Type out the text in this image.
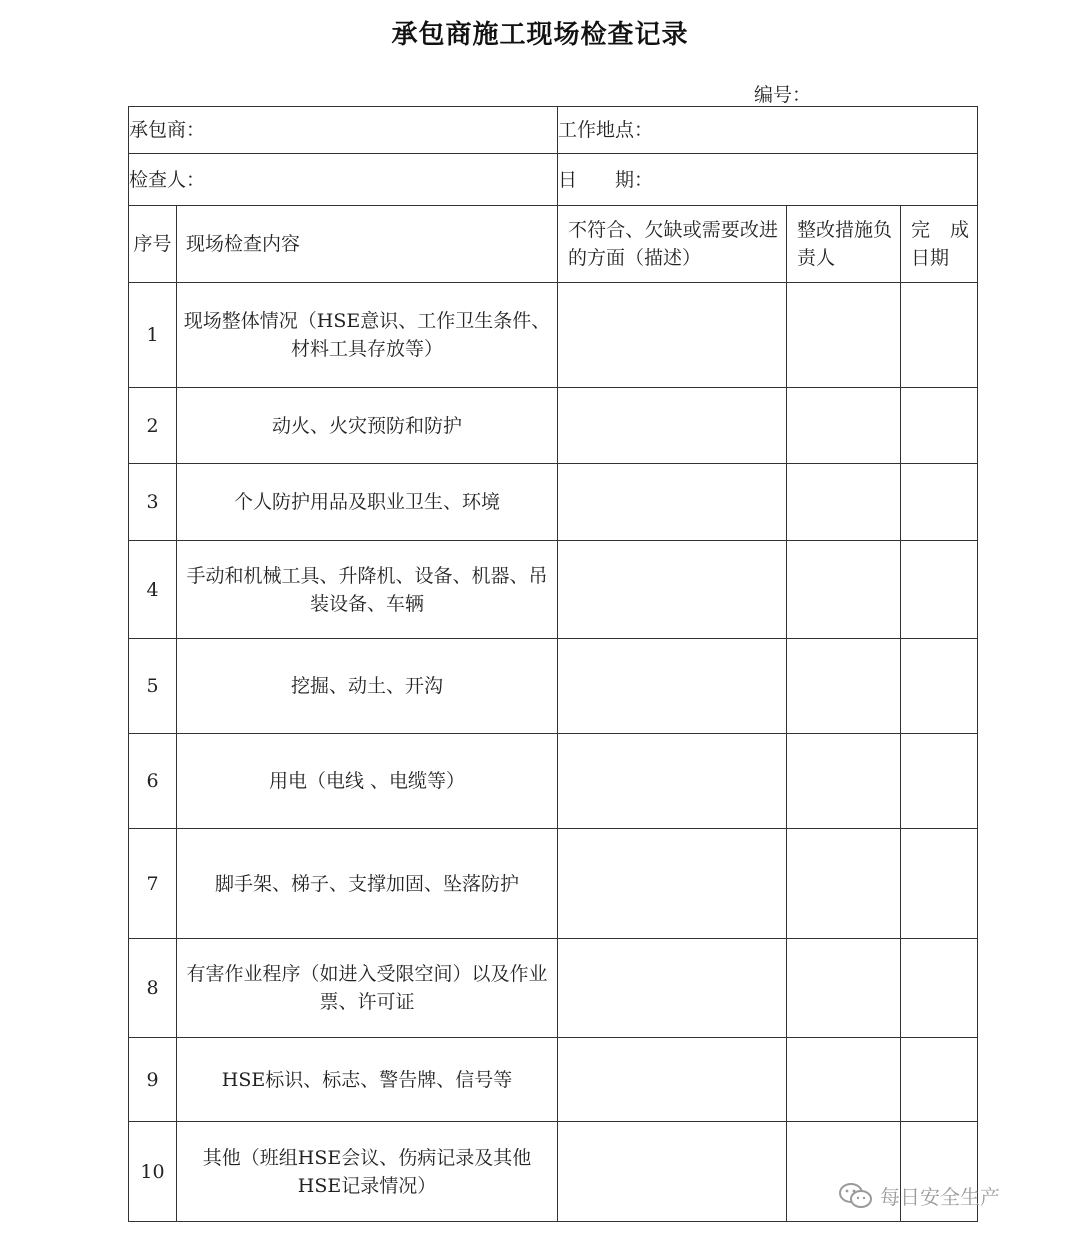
承包商施工现场检查记录
编号：
承包商：		工作地点：		
检查人：		日　　期：		
序号	现场检查内容	不符合、欠缺或需要改进的方面（描述）	整改措施负责人	完　成日期
1	现场整体情况（HSE意识、工作卫生条件、材料工具存放等）			
2	动火、火灾预防和防护			
3	个人防护用品及职业卫生、环境			
4	手动和机械工具、升降机、设备、机器、吊装设备、车辆			
5	挖掘、动土、开沟			
6	用电（电线 、电缆等）			
7	脚手架、梯子、支撑加固、坠落防护			
8	有害作业程序（如进入受限空间）以及作业票、许可证			
9	HSE标识、标志、警告牌、信号等			
10	其他（班组HSE会议、伤病记录及其他HSE记录情况）				每日安全生产
